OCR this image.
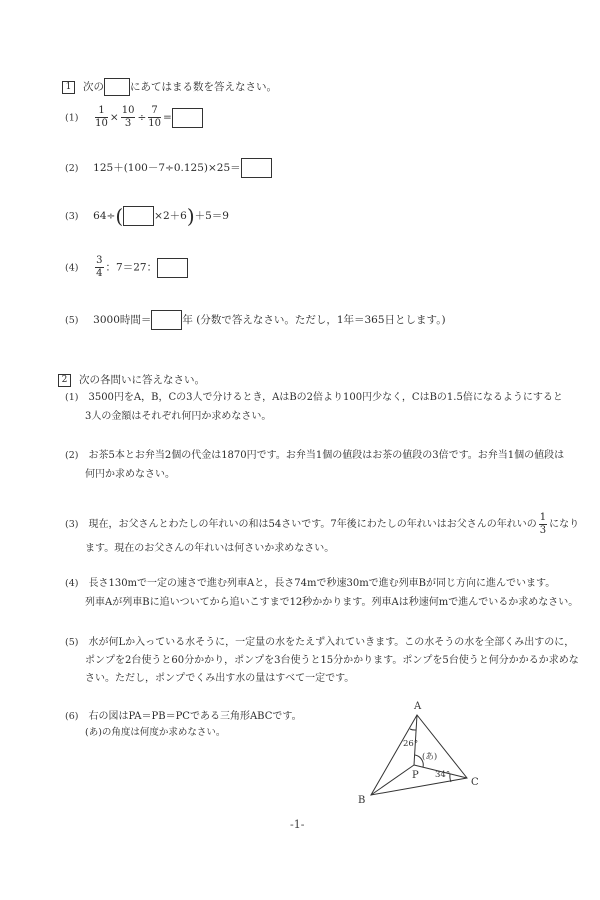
1 次の にあてはまる数を答えなさい。
$(1) \frac{1}{10} \times \frac{10}{3} \div \frac{7}{10}$ =
(2) 125＋(100－7÷0.125)×25＝
(3) 64÷(	×2＋6)＋5＝9
$(4) \frac{3}{4}$ ：7＝27：
(5) 3000時間＝	年 (分数で答えなさい。ただし，1年＝365日とします。)
2 次の各問いに答えなさい。
(1) 3500円をA，B，Cの3人で分けるとき，AはBの2倍より100円少なく，CはBの1.5倍になるようにすると
3人の金額はそれぞれ何円か求めなさい。
(2) お茶5本とお弁当2個の代金は1870円です。お弁当1個の値段はお茶の値段の3倍です。お弁当1個の値段は
何円か求めなさい。
(3) 現在，お父さんとわたしの年れいの和は54さいです。7年後にわたしの年れいはお父さんの年れいの $\frac{1}{3}$ になり
ます。現在のお父さんの年れいは何さいか求めなさい。
(4) 長さ130mで一定の速さで進む列車Aと，長さ74mで秒速30mで進む列車Bが同じ方向に進んでいます。
列車Aが列車Bに追いついてから追いこすまで12秒かかります。列車Aは秒速何mで進んでいるか求めなさい。
(5) 水が何Lか入っている水そうに，一定量の水をたえず入れていきます。この水そうの水を全部くみ出すのに，
ポンプを2台使うと60分かかり，ポンプを3台使うと15分かかります。ポンプを5台使うと何分かかるか求めな
さい。ただし，ポンプでくみ出す水の量はすべて一定です。
(6) 右の図はPA＝PB＝PCである三角形ABCです。
(あ)の角度は何度か求めなさい。
A
B
C
P
26°
34°
(あ)
-1-
